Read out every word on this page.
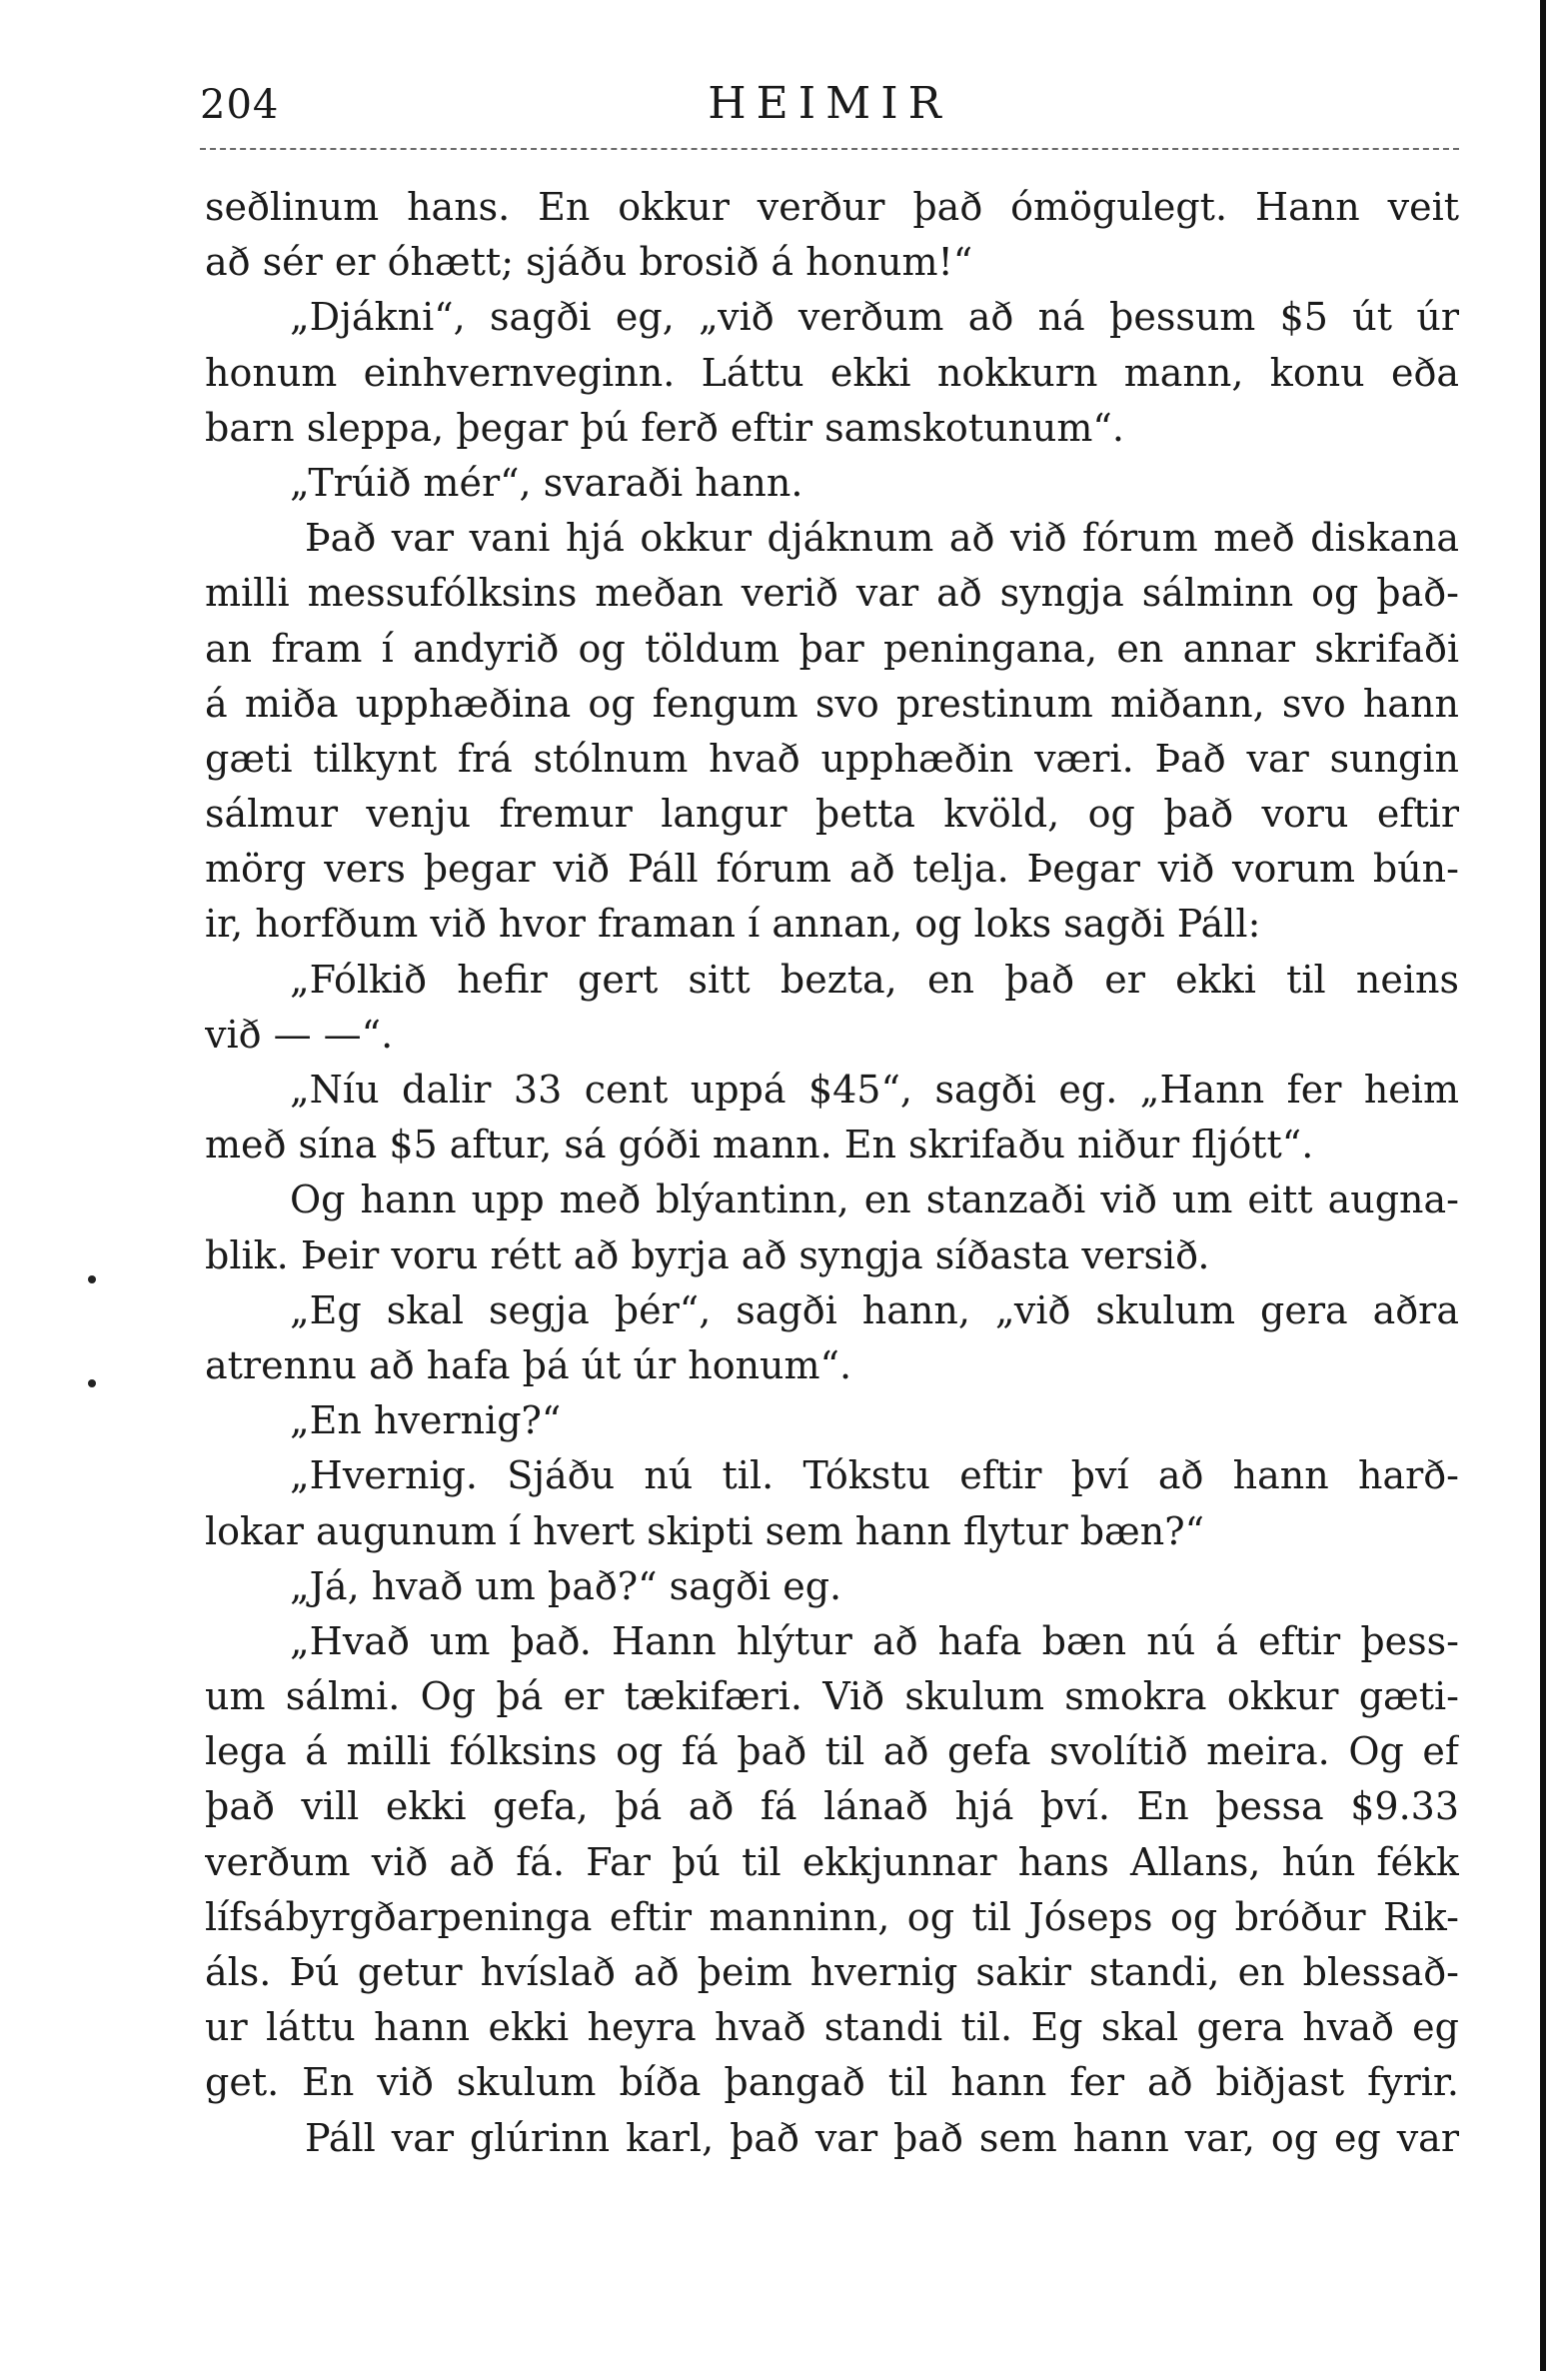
204	HEIMIR
seðlinum hans. En okkur verður það ómögulegt. Hann veit
að sér er óhætt; sjáðu brosið á honum!“
„Djákni“, sagði eg, „við verðum að ná þessum $5 út úr
honum einhvernveginn. Láttu ekki nokkurn mann, konu eða
barn sleppa, þegar þú ferð eftir samskotunum“.
„Trúið mér“, svaraði hann.
Það var vani hjá okkur djáknum að við fórum með diskana
milli messufólksins meðan verið var að syngja sálminn og það-
an fram í andyrið og töldum þar peningana, en annar skrifaði
á miða upphæðina og fengum svo prestinum miðann, svo hann
gæti tilkynt frá stólnum hvað upphæðin væri. Það var sungin
sálmur venju fremur langur þetta kvöld, og það voru eftir
mörg vers þegar við Páll fórum að telja. Þegar við vorum bún-
ir, horfðum við hvor framan í annan, og loks sagði Páll:
„Fólkið hefir gert sitt bezta, en það er ekki til neins
við — —“.
„Níu dalir 33 cent uppá $45“, sagði eg. „Hann fer heim
með sína $5 aftur, sá góði mann. En skrifaðu niður fljótt“.
Og hann upp með blýantinn, en stanzaði við um eitt augna-
blik. Þeir voru rétt að byrja að syngja síðasta versið.
„Eg skal segja þér“, sagði hann, „við skulum gera aðra
atrennu að hafa þá út úr honum“.
„En hvernig?“
„Hvernig. Sjáðu nú til. Tókstu eftir því að hann harð-
lokar augunum í hvert skipti sem hann flytur bæn?“
„Já, hvað um það?“ sagði eg.
„Hvað um það. Hann hlýtur að hafa bæn nú á eftir þess-
um sálmi. Og þá er tækifæri. Við skulum smokra okkur gæti-
lega á milli fólksins og fá það til að gefa svolítið meira. Og ef
það vill ekki gefa, þá að fá lánað hjá því. En þessa $9.33
verðum við að fá. Far þú til ekkjunnar hans Allans, hún fékk
lífsábyrgðarpeninga eftir manninn, og til Jóseps og bróður Rik-
áls. Þú getur hvíslað að þeim hvernig sakir standi, en blessað-
ur láttu hann ekki heyra hvað standi til. Eg skal gera hvað eg
get. En við skulum bíða þangað til hann fer að biðjast fyrir.
Páll var glúrinn karl, það var það sem hann var, og eg var
